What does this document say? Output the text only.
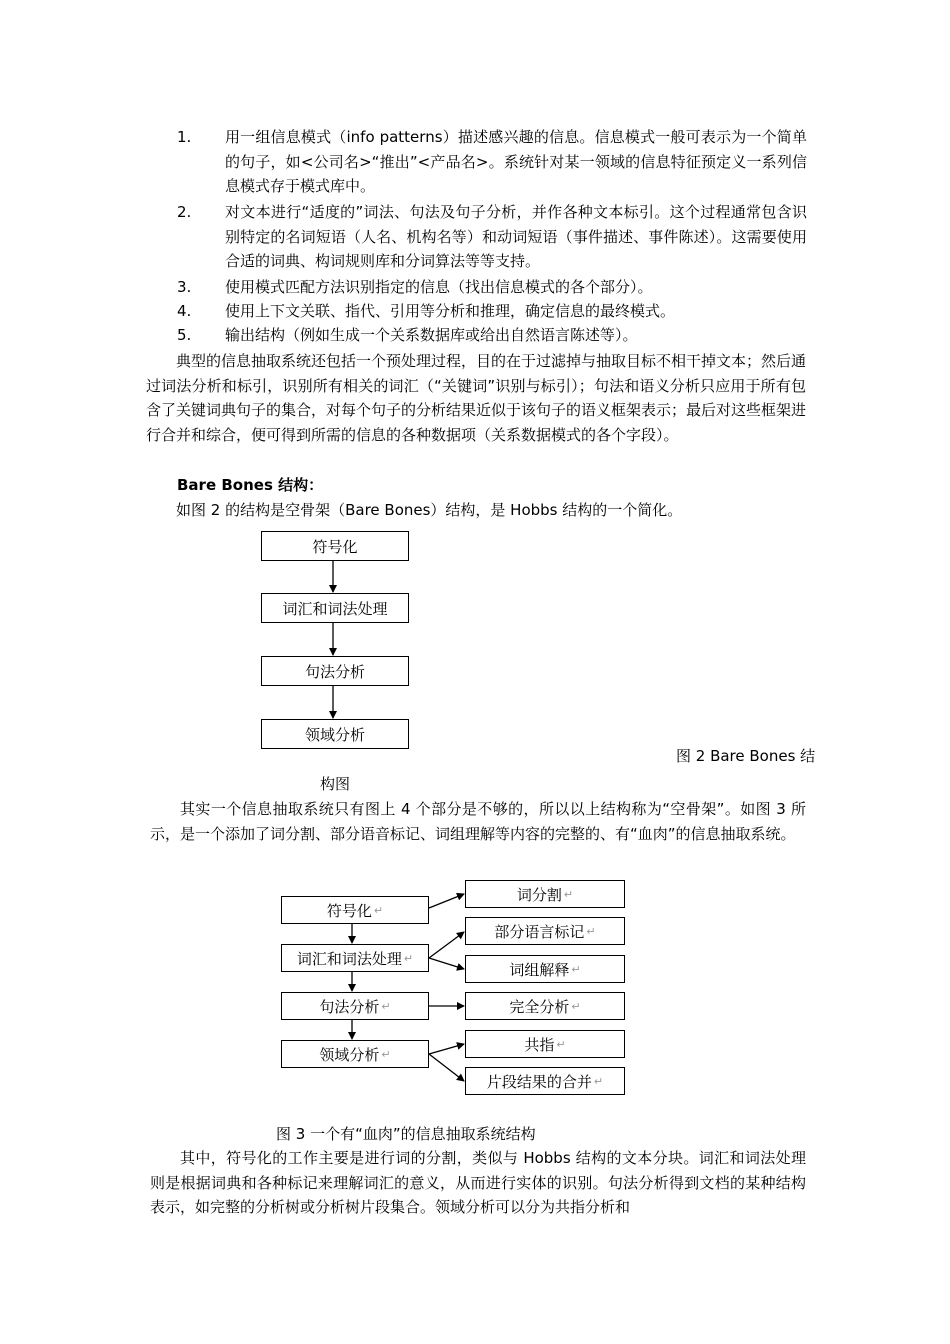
1.	用一组信息模式（info patterns）描述感兴趣的信息。信息模式一般可表示为一个简单的句子，如<公司名>“推出”<产品名>。系统针对某一领域的信息特征预定义一系列信息模式存于模式库中。
2.	对文本进行“适度的”词法、句法及句子分析，并作各种文本标引。这个过程通常包含识别特定的名词短语（人名、机构名等）和动词短语（事件描述、事件陈述）。这需要使用合适的词典、构词规则库和分词算法等等支持。
3.	使用模式匹配方法识别指定的信息（找出信息模式的各个部分）。
4.	使用上下文关联、指代、引用等分析和推理，确定信息的最终模式。
5.	输出结构（例如生成一个关系数据库或给出自然语言陈述等）。
典型的信息抽取系统还包括一个预处理过程，目的在于过滤掉与抽取目标不相干掉文本；然后通过词法分析和标引，识别所有相关的词汇（“关键词”识别与标引）；句法和语义分析只应用于所有包含了关键词典句子的集合，对每个句子的分析结果近似于该句子的语义框架表示；最后对这些框架进行合并和综合，便可得到所需的信息的各种数据项（关系数据模式的各个字段）。
Bare Bones 结构：
如图 2 的结构是空骨架（Bare Bones）结构，是 Hobbs 结构的一个简化。
符号化
词汇和词法处理
句法分析
领域分析
图 2 Bare Bones 结
构图
其实一个信息抽取系统只有图上 4 个部分是不够的，所以以上结构称为“空骨架”。如图 3 所示，是一个添加了词分割、部分语音标记、词组理解等内容的完整的、有“血肉”的信息抽取系统。
符号化 ↵
词汇和词法处理 ↵
句法分析 ↵
领域分析 ↵
词分割 ↵
部分语言标记 ↵
词组解释 ↵
完全分析 ↵
共指 ↵
片段结果的合并 ↵
图 3 一个有“血肉”的信息抽取系统结构
其中，符号化的工作主要是进行词的分割，类似与 Hobbs 结构的文本分块。词汇和词法处理则是根据词典和各种标记来理解词汇的意义，从而进行实体的识别。句法分析得到文档的某种结构表示，如完整的分析树或分析树片段集合。领域分析可以分为共指分析和
